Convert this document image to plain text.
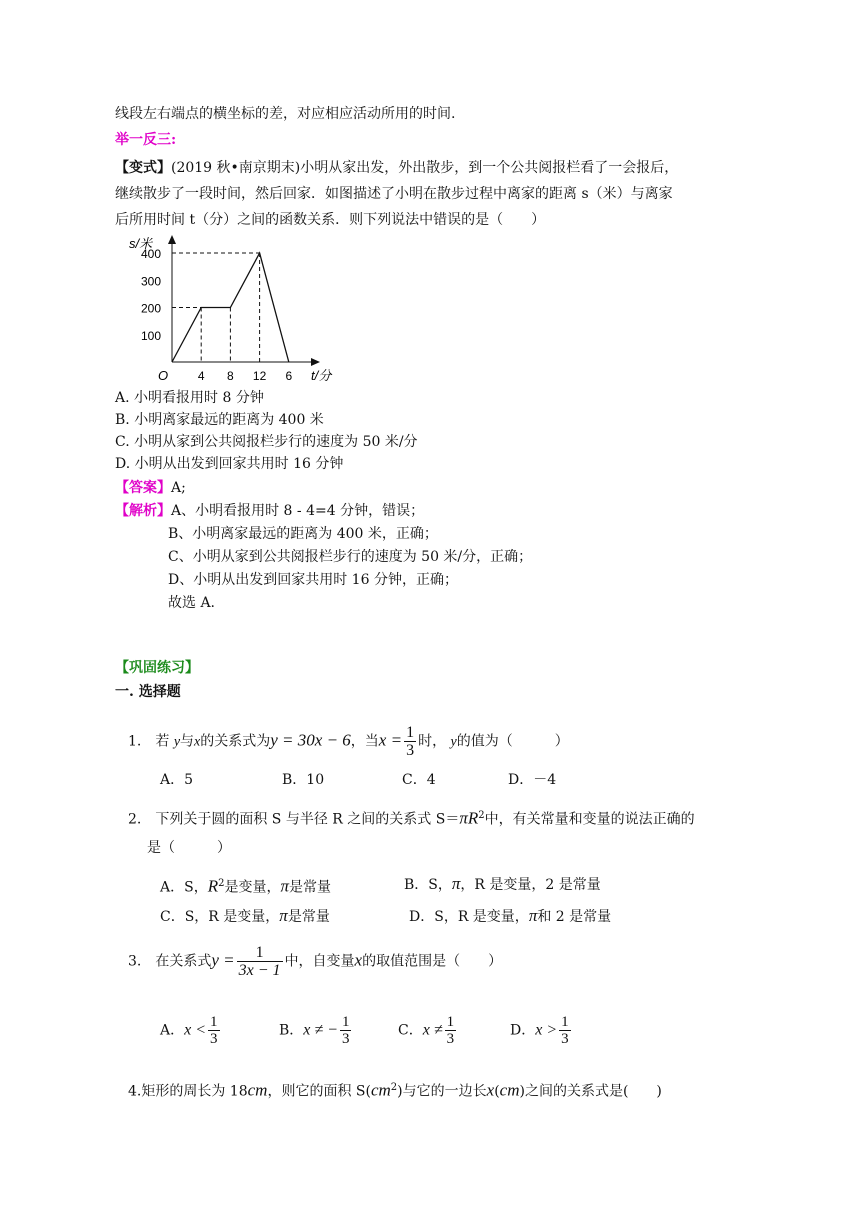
线段左右端点的横坐标的差，对应相应活动所用的时间.
举一反三:
【变式】(2019 秋•南京期末)小明从家出发，外出散步，到一个公共阅报栏看了一会报后，
继续散步了一段时间，然后回家．如图描述了小明在散步过程中离家的距离 s（米）与离家
后所用时间 t（分）之间的函数关系．则下列说法中错误的是（　　）
100
200
300
400
4 8 12 6
s/米
t/分
O
A. 小明看报用时 8 分钟
B. 小明离家最远的距离为 400 米
C. 小明从家到公共阅报栏步行的速度为 50 米/分
D. 小明从出发到回家共用时 16 分钟
【答案】A;
【解析】A、小明看报用时 8 - 4=4 分钟，错误；
B、小明离家最远的距离为 400 米，正确；
C、小明从家到公共阅报栏步行的速度为 50 米/分，正确；
D、小明从出发到回家共用时 16 分钟，正确；
故选 A.
【巩固练习】
一. 选择题
1.　若 y与x的关系式为y = 30x − 6，当$x = \frac{1}{3}$ 时， y的值为（　　　）
A．5	B．10	C．4	D．－4
2.　下列关于圆的面积 S 与半径 R 之间的关系式 $S=\pi R^2$中，有关常量和变量的说法正确的
是（　　　）
A．S，$R^2$是变量，π是常量	B．S，π，R 是变量，2 是常量
C．S，R 是变量，π是常量	D．S，R 是变量，π和 2 是常量
3.　在关系式$y = \frac{1}{3x - 1}$ 中，自变量x的取值范围是（　　）
A．$x < \frac{1}{3}$	B．x ≠ − $\frac{1}{3}$	C．$x \ne \frac{1}{3}$	D．$x > \frac{1}{3}$
4.矩形的周长为 18cm，则它的面积 $S(cm^2)$与它的一边长x(cm)之间的关系式是(　　)
